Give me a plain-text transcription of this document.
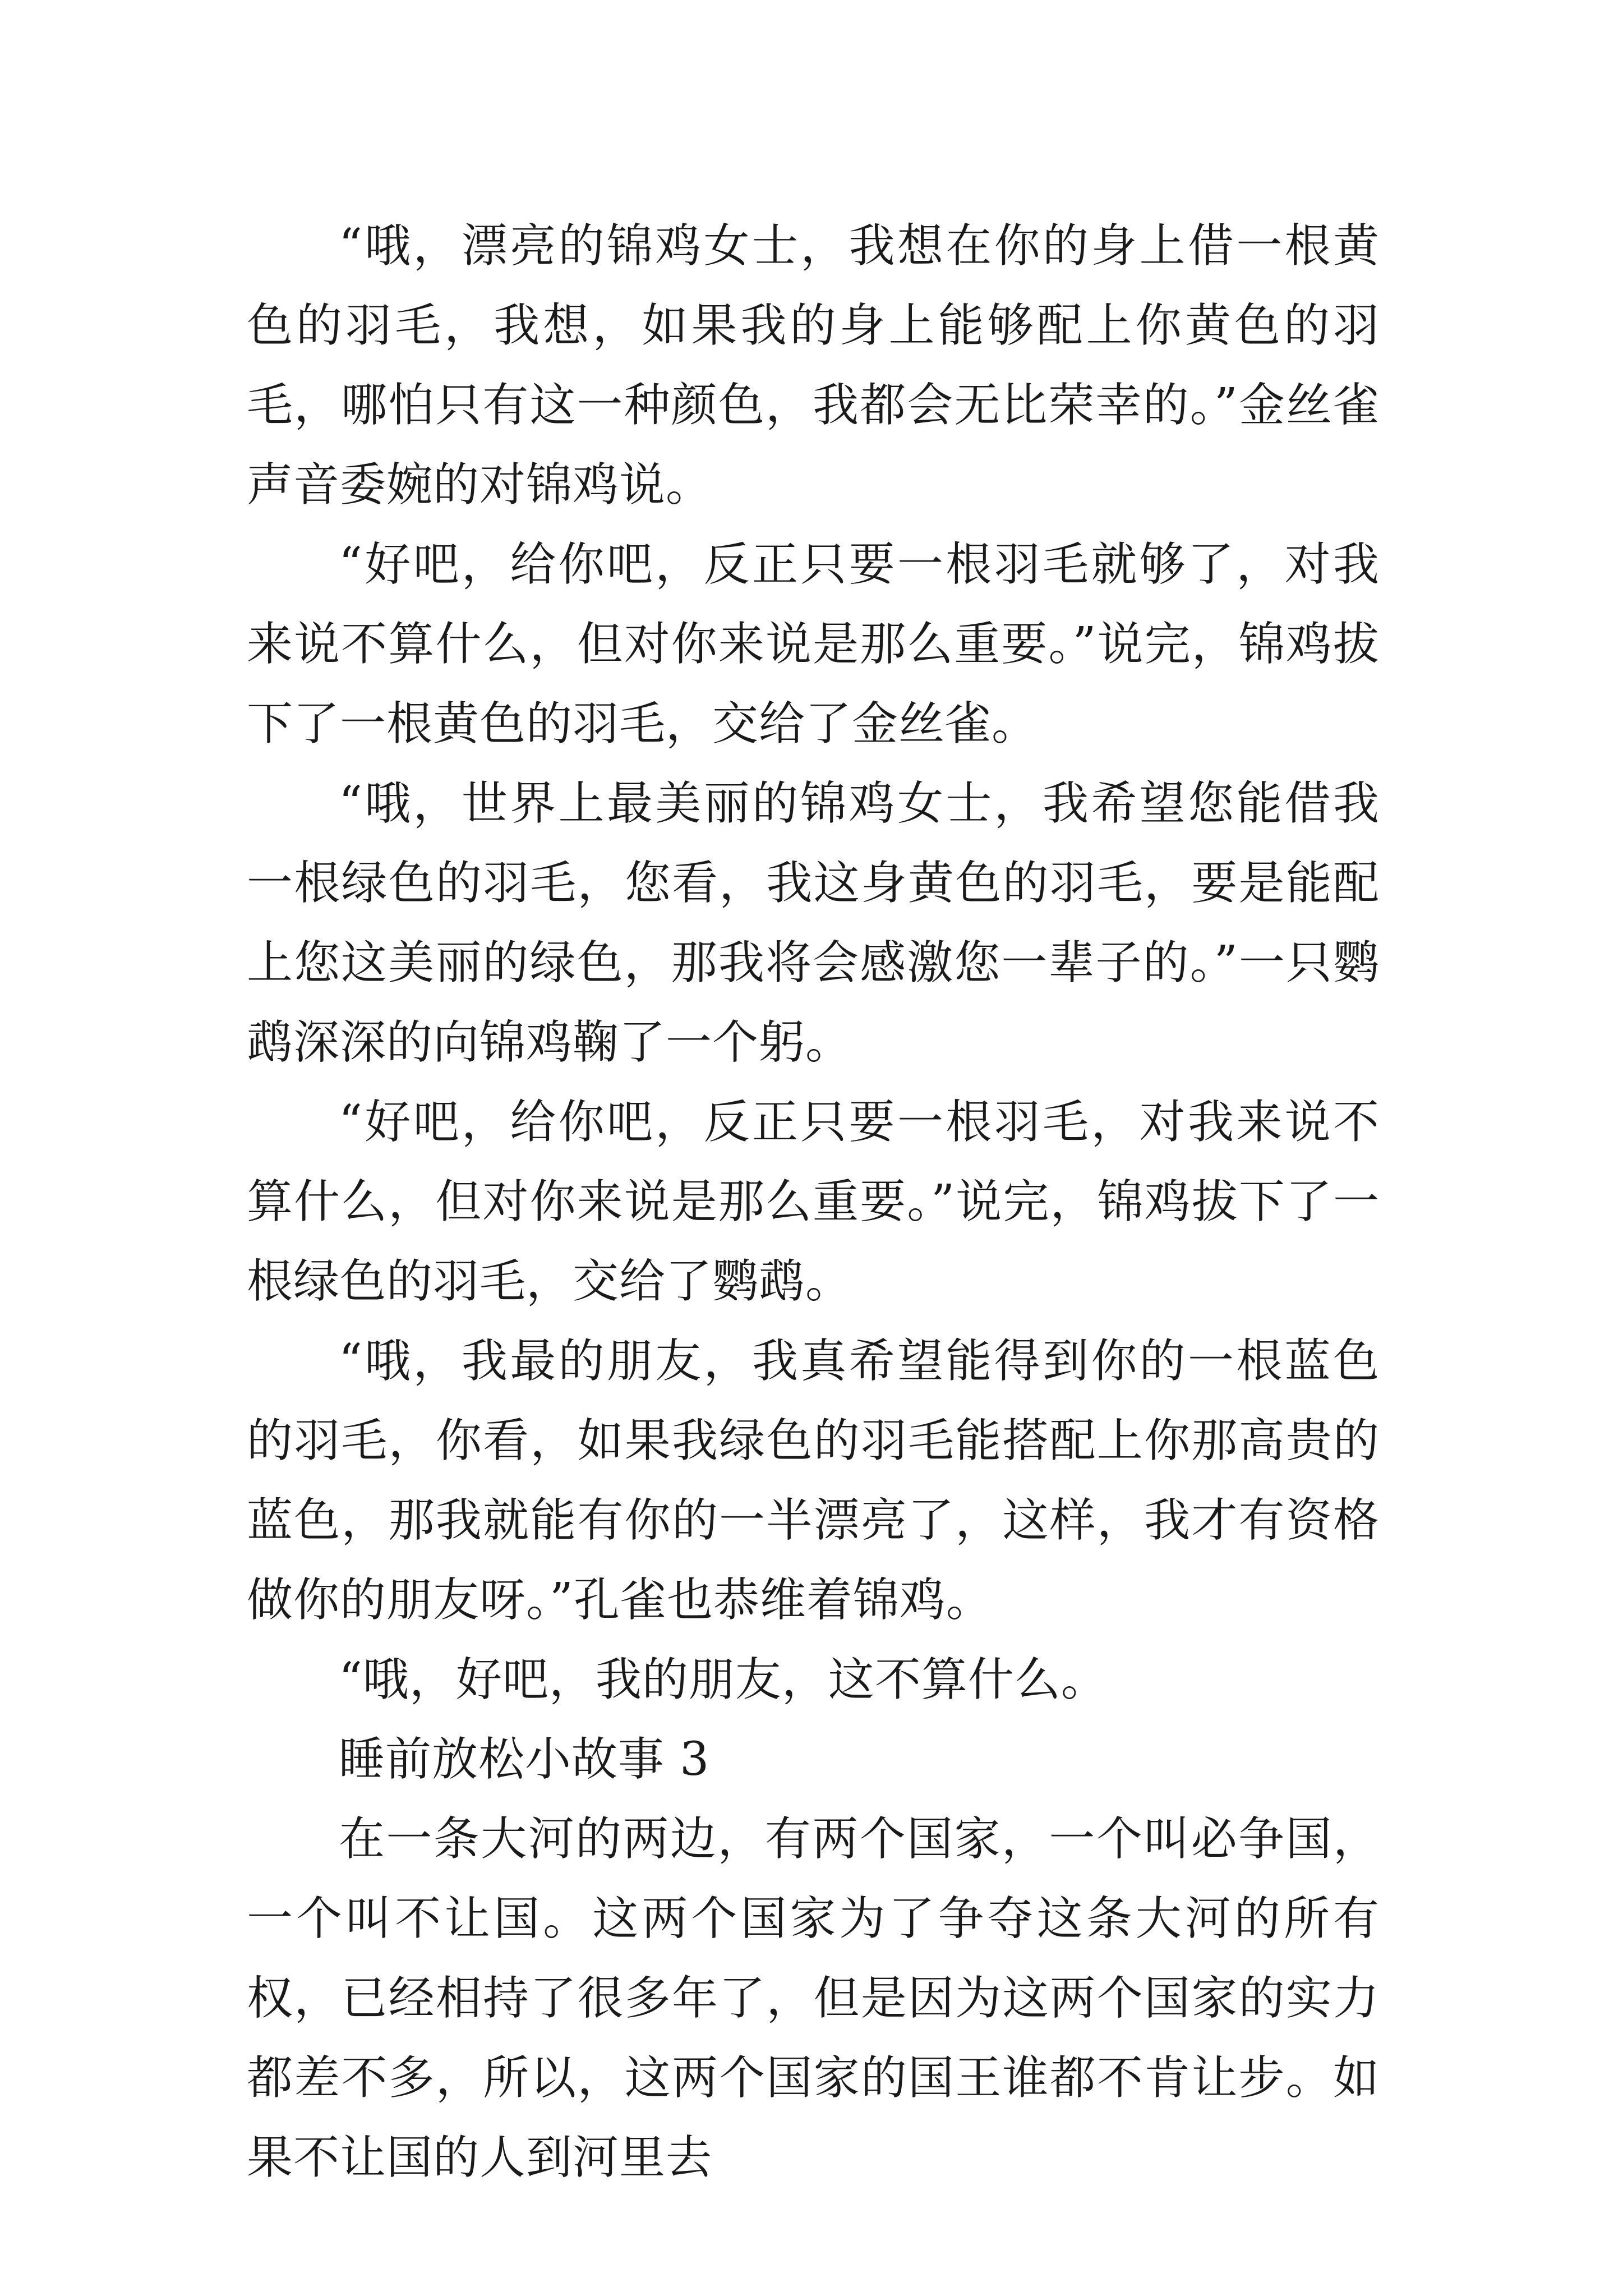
“哦，漂亮的锦鸡女士，我想在你的身上借一根黄色的羽毛，我想，如果我的身上能够配上你黄色的羽毛，哪怕只有这一种颜色，我都会无比荣幸的。”金丝雀声音委婉的对锦鸡说。

“好吧，给你吧，反正只要一根羽毛就够了，对我来说不算什么，但对你来说是那么重要。”说完，锦鸡拔下了一根黄色的羽毛，交给了金丝雀。

“哦，世界上最美丽的锦鸡女士，我希望您能借我一根绿色的羽毛，您看，我这身黄色的羽毛，要是能配上您这美丽的绿色，那我将会感激您一辈子的。”一只鹦鹉深深的向锦鸡鞠了一个躬。

“好吧，给你吧，反正只要一根羽毛，对我来说不算什么，但对你来说是那么重要。”说完，锦鸡拔下了一根绿色的羽毛，交给了鹦鹉。

“哦，我最的朋友，我真希望能得到你的一根蓝色的羽毛，你看，如果我绿色的羽毛能搭配上你那高贵的蓝色，那我就能有你的一半漂亮了，这样，我才有资格做你的朋友呀。”孔雀也恭维着锦鸡。

“哦，好吧，我的朋友，这不算什么。

睡前放松小故事 3

在一条大河的两边，有两个国家，一个叫必争国，一个叫不让国。这两个国家为了争夺这条大河的所有权，已经相持了很多年了，但是因为这两个国家的实力都差不多，所以，这两个国家的国王谁都不肯让步。如果不让国的人到河里去
